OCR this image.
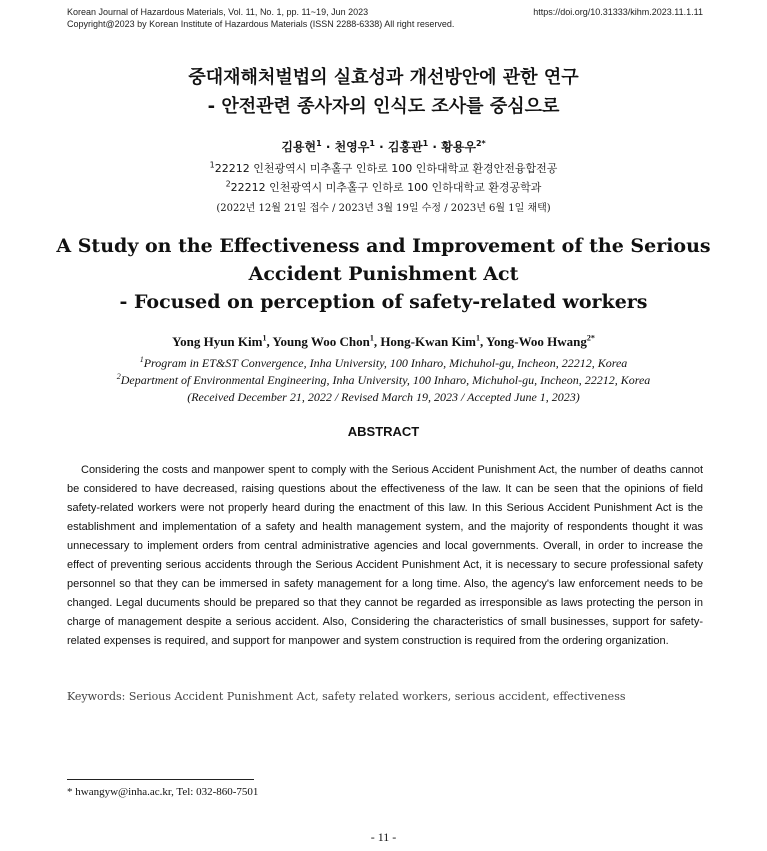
Korean Journal of Hazardous Materials, Vol. 11, No. 1, pp. 11~19, Jun 2023
Copyright@2023 by Korean Institute of Hazardous Materials (ISSN 2288-6338) All right reserved.
https://doi.org/10.31333/kihm.2023.11.1.11
중대재해처벌법의 실효성과 개선방안에 관한 연구
- 안전관련 종사자의 인식도 조사를 중심으로
김용현$^1$ · 천영우$^1$ · 김홍관$^1$ · 황용우$^{2*}$
$^1$22212 인천광역시 미추홀구 인하로 100 인하대학교 환경안전융합전공
$^2$22212 인천광역시 미추홀구 인하로 100 인하대학교 환경공학과
(2022년 12월 21일 접수 / 2023년 3월 19일 수정 / 2023년 6월 1일 채택)
A Study on the Effectiveness and Improvement of the Serious
Accident Punishment Act
- Focused on perception of safety-related workers
Yong Hyun Kim$^1$, Young Woo Chon$^1$, Hong-Kwan Kim$^1$, Yong-Woo Hwang$^{2*}$
$^1$Program in ET&ST Convergence, Inha University, 100 Inharo, Michuhol-gu, Incheon, 22212, Korea
$^2$Department of Environmental Engineering, Inha University, 100 Inharo, Michuhol-gu, Incheon, 22212, Korea
(Received December 21, 2022 / Revised March 19, 2023 / Accepted June 1, 2023)
ABSTRACT

Considering the costs and manpower spent to comply with the Serious Accident Punishment Act, the number of deaths cannot be considered to have decreased, raising questions about the effectiveness of the law. It can be seen that the opinions of field safety-related workers were not properly heard during the enactment of this law. In this Serious Accident Punishment Act is the establishment and implementation of a safety and health management system, and the majority of respondents thought it was unnecessary to implement orders from central administrative agencies and local governments. Overall, in order to increase the effect of preventing serious accidents through the Serious Accident Punishment Act, it is necessary to secure professional safety personnel so that they can be immersed in safety management for a long time. Also, the agency's law enforcement needs to be changed. Legal ducuments should be prepared so that they cannot be regarded as irresponsible as laws protecting the person in charge of management despite a serious accident. Also, Considering the characteristics of small businesses, support for safety-related expenses is required, and support for manpower and system construction is required from the ordering organization.

Keywords: Serious Accident Punishment Act, safety related workers, serious accident, effectiveness
* hwangyw@inha.ac.kr, Tel: 032-860-7501
- 11 -
